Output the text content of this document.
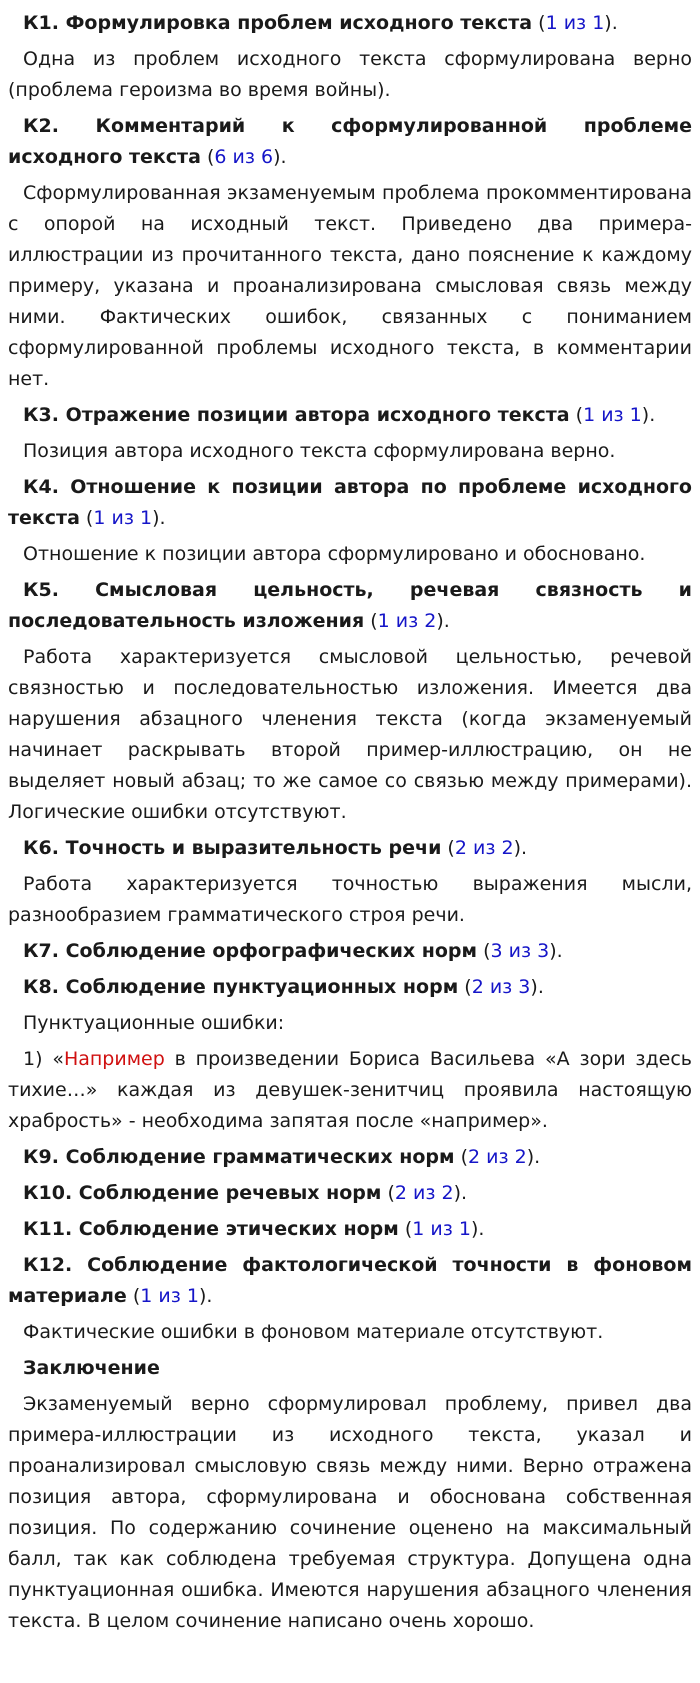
К1. Формулировка проблем исходного текста (1 из 1).

Одна из проблем исходного текста сформулирована верно (проблема героизма во время войны).

К2. Комментарий к сформулированной проблеме исходного текста (6 из 6).

Сформулированная экзаменуемым проблема прокомментирована с опорой на исходный текст. Приведено два примера-иллюстрации из прочитанного текста, дано пояснение к каждому примеру, указана и проанализирована смысловая связь между ними. Фактических ошибок, связанных с пониманием сформулированной проблемы исходного текста, в комментарии нет.

К3. Отражение позиции автора исходного текста (1 из 1).

Позиция автора исходного текста сформулирована верно.

К4. Отношение к позиции автора по проблеме исходного текста (1 из 1).

Отношение к позиции автора сформулировано и обосновано.

К5. Смысловая цельность, речевая связность и последовательность изложения (1 из 2).

Работа характеризуется смысловой цельностью, речевой связностью и последовательностью изложения. Имеется два нарушения абзацного членения текста (когда экзаменуемый начинает раскрывать второй пример-иллюстрацию, он не выделяет новый абзац; то же самое со связью между примерами). Логические ошибки отсутствуют.

К6. Точность и выразительность речи (2 из 2).

Работа характеризуется точностью выражения мысли, разнообразием грамматического строя речи.

К7. Соблюдение орфографических норм (3 из 3).

К8. Соблюдение пунктуационных норм (2 из 3).

Пунктуационные ошибки:

1) «Например в произведении Бориса Васильева «А зори здесь тихие…» каждая из девушек-зенитчиц проявила настоящую храбрость» - необходима запятая после «например».

К9. Соблюдение грамматических норм (2 из 2).

К10. Соблюдение речевых норм (2 из 2).

К11. Соблюдение этических норм (1 из 1).

К12. Соблюдение фактологической точности в фоновом материале (1 из 1).

Фактические ошибки в фоновом материале отсутствуют.

Заключение

Экзаменуемый верно сформулировал проблему, привел два примера-иллюстрации из исходного текста, указал и проанализировал смысловую связь между ними. Верно отражена позиция автора, сформулирована и обоснована собственная позиция. По содержанию сочинение оценено на максимальный балл, так как соблюдена требуемая структура. Допущена одна пунктуационная ошибка. Имеются нарушения абзацного членения текста. В целом сочинение написано очень хорошо.
